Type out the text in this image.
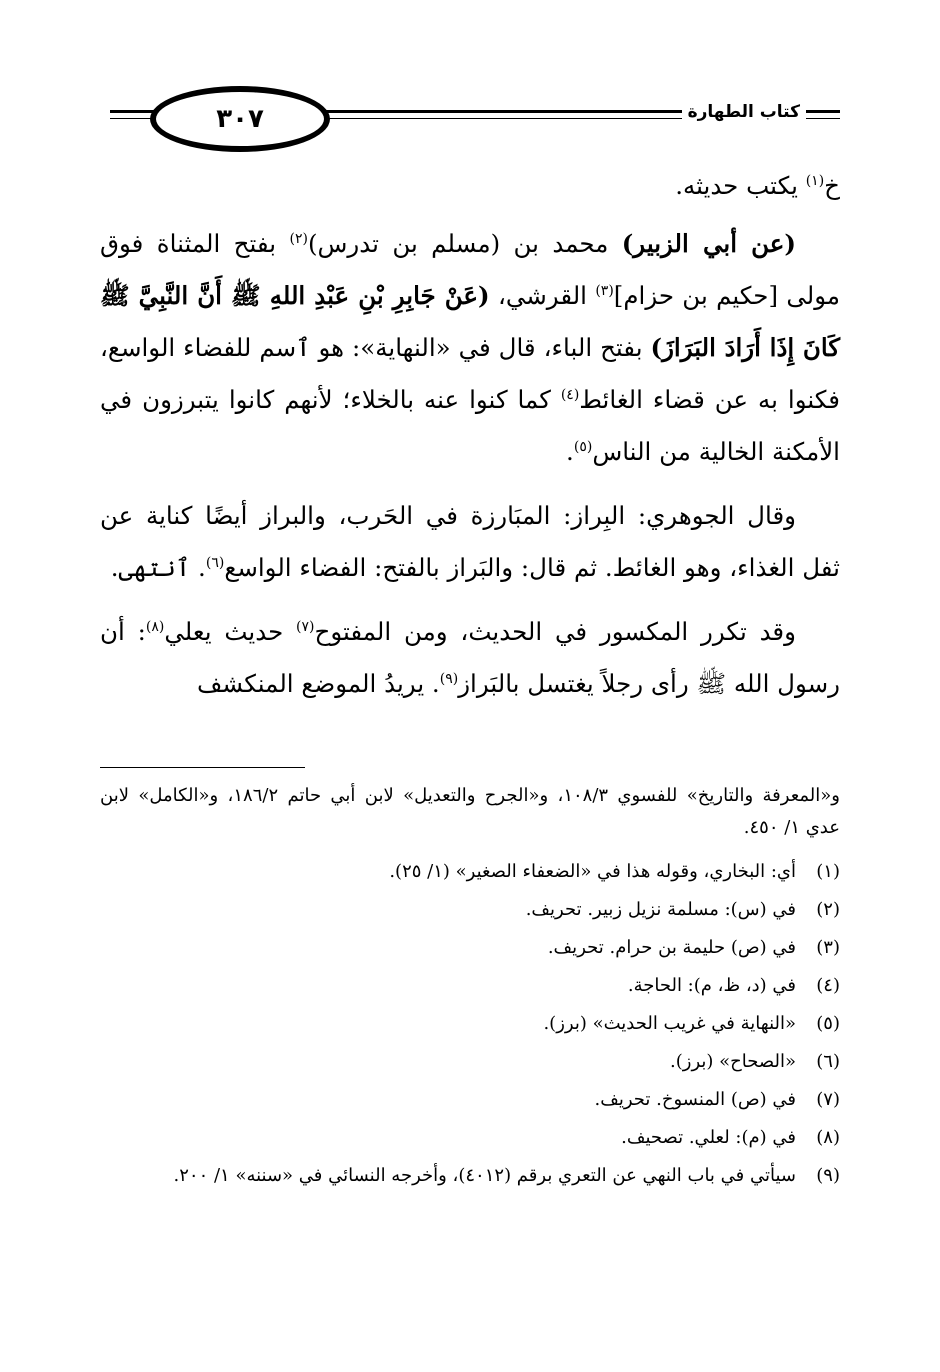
٣٠٧	كتاب الطهارة

خ$^{(١)}$ يكتب حديثه.

(عن أبي الزبير) محمد بن (مسلم بن تدرس)$^{(٢)}$ بفتح المثناة فوق مولى [حكيم بن حزام]$^{(٣)}$ القرشي، (عَنْ جَابِرِ بْنِ عَبْدِ اللهِ ﷺ أَنَّ النَّبِيَّ ﷺ كَانَ إِذَا أَرَادَ البَرَازَ) بفتح الباء، قال في «النهاية»: هو ٱسم للفضاء الواسع، فكنوا به عن قضاء الغائط$^{(٤)}$ كما كنوا عنه بالخلاء؛ لأنهم كانوا يتبرزون في الأمكنة الخالية من الناس$^{(٥)}$.

وقال الجوهري: البِراز: المبَارزة في الحَرب، والبراز أيضًا كناية عن ثفل الغذاء، وهو الغائط. ثم قال: والبَراز بالفتح: الفضاء الواسع$^{(٦)}$. ٱنتهى.

وقد تكرر المكسور في الحديث، ومن المفتوح$^{(٧)}$ حديث يعلي$^{(٨)}$: أن رسول الله ﷺ رأى رجلاً يغتسل بالبَراز$^{(٩)}$. يريدُ الموضع المنكشف

و«المعرفة والتاريخ» للفسوي ١٠٨/٣، و«الجرح والتعديل» لابن أبي حاتم ١٨٦/٢، و«الكامل» لابن عدي ١/ ٤٥٠.
(١)
أي: البخاري، وقوله هذا في «الضعفاء الصغير» (١/ ٢٥).
(٢)
في (س): مسلمة نزيل زبير. تحريف.
(٣)
في (ص) حليمة بن حرام. تحريف.
(٤)
في (د، ظ، م): الحاجة.
(٥)
«النهاية في غريب الحديث» (برز).
(٦)
«الصحاح» (برز).
(٧)
في (ص) المنسوخ. تحريف.
(٨)
في (م): لعلي. تصحيف.
(٩)
سيأتي في باب النهي عن التعري برقم (٤٠١٢)، وأخرجه النسائي في «سننه» ١/ ٢٠٠.
